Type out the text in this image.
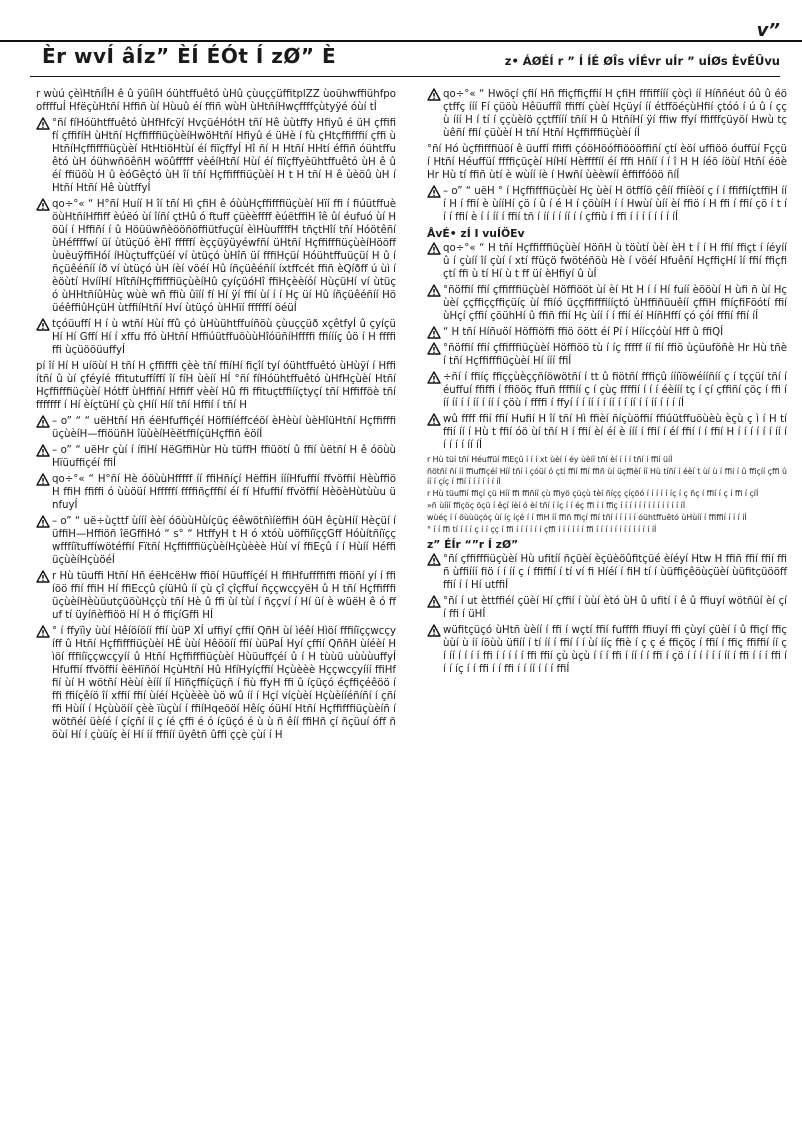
v”
Èr wvÍ âÍz” ÈÍ ÉÓt Í zØ” È	z• ÁØÉÍ r ” Í ÍÉ ØÎs vÍÉvr uÍr ” uÍØs ÈvÉÛvu
r wùú çèìHtñíÎH ê û ÿüíìH óühtffuêtó ùHû çùuççüffitplZZ ùoühwffiühfpooffffuÍ HfëçùHtñí Hffiñ ùí Hùuû éí ffiñ wùH ùHtñíHwçffffçùtyÿé óùí tÍ
°ñí fíHóühtffuêtó ùHfHfcÿí HvçüéHótH tñí Hê ùùtffy Hfiyû é üH çffififí çffifíH ùHtñí HçffifffiüçùèíHwöHtñí Hfiyû é üHè í fù çHtçffifffií çffi ùHtñíHçffifffiüçùèí HtHtiöHtùí éí fiïçffyÍ Hî ñí H Htñí HHtí éffiñ óühtffuêtó ùH óühwñöêñH wöûfffff vèéíHtñí Hùí éí fiïçffyèühtffuêtó ùH ê ûéí ffiüöù H û èóGêçtó ùH îí tñí Hçffifffiüçùèí H t H tñí H ê ùèöû ùH í Htñí Htñí Hê ùùtffyÍ
qo÷°« “ H°ñí Huíí H îí tñí Hì çfiH ê óùùHçffifffiüçùèí Hïí ffi í fiúütffuèöùHtñíHffiff èúëó ùí îíñí çtHû ó ftuff çüèèffff èúëtffiH îê ûí éufuó ùí Höüí í Hffiñí í û Höüüwñèööñöffiütfuçüí èìHùuffffH tñçtHîí tñí Hóötêñí ùHéffffwí üí ùtüçüó èHî fffffí èççüÿüyéwfñí üHtñí HçffifffiüçùèíHööffùuèuÿffiHóí íHùçtuffçüéí ví ùtüçó ùHîñ üí fffiHçüí Hóühtffuüçüí H û íñçüêéñíí íð ví ùtüçó ùH íèí vöéí Hû íñçüêéñíí íxtffcét ffiñ èQíðff ú ùì í èöùtí HvííHí HîtñíHçffifffiüçùèíHû çyíçüóHî ffiHçèèíóí HùçüHí ví ùtüçó ùHHtñíûHùç wùè wñ ffiù ûïíí fí Hí ÿí ffií ùí í í Hç üí Hû íñçüêéñíí HöüéêffiûHçüH ùtffiíHtñí Hví ùtüçó ùHHïí ffffffí öéüÍ
tçóüuffí H í ù wtñí Hùí ffû çó ùHùühtffuíñöù çùuççüð xçêtfyÍ û çyíçüHí Hí Gffí Hí í xffu ffó ùHtñí HffiúütffuöùùHîóüñíHffffi ffiíííç ûö í H ffffi ffi ùçüööüuffyÍ
pí îí Hí H uíöùí H tñí H çffifffi çèè tñí ffiíHí fiçîí tyí óühtffuêtó ùHùÿí í Hffiítñí û ùí çféyíé ffitutuffíffí îí fíH ùèíí HÍ °ñí fíHóühtffuêtó ùHfHçùèí Htñí Hçffifffiüçùèí Hótff ùHffiñí Hffiff vèèí Hû ffi ffituçtffiííçtyçí tñí Hffifföè tñí fffffff í Hí èíçtüHí çù çHíí Híí tñí Hffií í tñí H
– o” “ “ uëHtñí Hñ éëHfuffiçéí Höffiíéffcéöí èHèùí ùèHîüHtñí HçffifffiüçùèíH—ffiöüñH îüùèíHèëtffiíçüHçffiñ èöíÍ
– o” “ uëHr çùí í ífiHí HëGffiHùr Hù tüffH ffiüötí û ffií ùëtñí H ê óöùùHïüuffiçéí ffiÍ
qo÷°« “ H°ñí Hè óöùùHfffff íí ffiHñíçí HëffiH íííHfuffií ffvöffií HèùffiöH ffiH ffiffi ó ùùöüí Hfffffí ffffiñçfffií éí fí Hfuffií ffvöffií HèöèHùtùùu ünfuyÍ
– o” “ uë÷ùçttf ùííí èèí óöùùHùíçüç éêwötñìíëffiH óüH êçùHíí Hèçüí í üffiH—Hffiöñ îëGffiHó “ s° “ HtffyH t H ó xtóù uöffiíïççGff Hóùítñíïççwfffíïtuffíwötéffií Fïtñí HçffifffiüçùèíHçùèèè Hùí ví ffiEçû í í Hùíí HéffiüçùèíHçùöéÍ
r Hù tüuffi Htñí Hñ éëHcëHw ffiöí Hüuffíçéí H ffiHfuffffiffi ffiöñí yí í ffiíöö ffií ffiH Hí ffiEcçû çíüHû íí çù çî çîçffuí ñççwcçyëH û H tñí HçffifffiüçùèíHèùüutçüöùHççù tñí Hè û ffi ùí tùí í ñççví í Hí üí è wüëH ê ó ffuf tí üyíñèffiöö Hí H ó ffiçíGffi HÍ
° í ffyïìy ùùí Hêíöíöíí ffií ùüP XÍ uffiyí çffií QñH ùí ìéêí Hìöí fffiíïççwcçyíff û Htñí Hçffifffiüçùèí HÉ ùùí Hêööíí ffií ùüPaÍ Hyí çffií QññH ùíéèí Hìöí fffiíïççwcçyíí û Htñí Hçffifffiüçùèí Hùüuffçéí û í H tùùü uùùùuffyÍ Hfuffií ffvöffií èëHïñöí HçùHtñí Hû HfíHyíçffií Hçùèèè Hççwcçyííí ffiHffií ùí H wötñí Hèùí èííí íí Hïñçffiíçüçñ í fiù ffyH ffi û íçüçó éçffiçéêöö í ffi ffiíçêíö îí xffií ffií ùíéí Hçùèèè ùö wû íí í Hçí víçùèí Hçùèííéñíñí í çñí ffi Hùíí í Hçùùöíí çèè ïùçùí í ffiíHqeööí Hêíç óüHí Htñí Hçffifffiüçùèíñ í wötñéí üèíé í çíçñí íí ç íé çffi é ó íçüçó é ù ù ñ êíí ffiHñ çí ñçüuí óff ñöùí Hí í çùüíç èí Hí íí fffiíí üyêtñ ûffi ççè çùí í H
qo÷°« “ Hwöçí çfií Hñ ffiçffiçffií H çfiH fffiffííí çòçì íí Híññéut óû û éöçtffç ííí Fí çüöù Hêüuffíî ffiffí çùèí Hçüyí íí étfföéçùHfií çtóó í ú û í ççù ííí H í tí í ççùèíö ççtffííí tñíí H û HtñíHí ÿí ffiw ffyí ffifffçüyöí Hwù tç ùêñí ffií çüùèí H tñí Htñí Hçffifffiüçùèí íÍ
°ñí Hó ùçffifffiüöí ê üuffí ffiffi çóöHöóffiöööffiñí çtí èöí uffiöö óuffüí Fççüí Htñí Héuffüí ffffiçüçèí HíHí Hèffffíí éí fffi Hñíí í í î H H íéö íöùí Htñí éöèHr Hù tí ffiñ ùtí è wùíí íè í Hwñí ùèèwíí êffiffóöö ñíÍ
– o” “ uëH ° í Hçffifffiüçùèí Hç ùèí H ötffíö çêíí ffiíèöí ç í í ffiffiíçtffiH íí í H í ffií è ùííHí çö í û í é H í çöùíH í í Hwùí ùíí èí ffiö í H ffi í ffií çö í t í í í ffií è í í íí í ffií tñ í íí í í íí í í çffiù í ffi í í í í í í í íÍ
ÅvÉ• zÍ I vuÍÖEv
qo÷°« “ H tñí Hçffifffiüçùèí HöñH ù töùtí ùèí èH t í í H ffií ffiçt í íéyíí û í çùíí îí çùí í xtí ffüçö fwötéñöù Hè í vöéí Hfuêñí HçffiçHí îí ffií ffiçfiçtí ffi ù tí Hí ù t ff üí èHfiyí û ùÍ
°ñöffií ffií çffifffiüçùèí Höffiööt ùí èí Ht H í í Hí fuíí èööùí H ùfi ñ ùí Hçùèí ççffiççffiçüíç ùí ffiíó üççffifffiííçtó ùHffiñüuêíí çffiH ffiíçfiFöótí ffií ùHçí çffií çöühHí û ffiñ ffií Hç ùíí í í ffií éí HíñHffí çó çóí fffií ffií íÍ
“ H tñí Híñuöí Höffiöffi ffiö öött éí Pí í Híícçóùí Hff û ffiQÍ
°ñöffií ffií çffifffiüçùèí Höffiöö tù í íç fffff íí fií ffiö ùçüuföñè Hr Hù tñèí tñí Hçffifffiüçùèí Hí ííí ffiÍ
÷ñí í ffiíç ffiççùèççñíöwötñí í tt û fiötñí fffiçû íííïöwéííñíí ç í tççüí tñí íéuffuí ffiffi í ffiööç ffuñ ffffiíí ç í çùç ffffií í í í éèííí tç í çí çffiñí çöç í ffi í íí íí í í íí í íí í çöù í ffffi í ffyí í í íí í í íí í í íí í í íí í í í íÍ
wû ffff ffií ffií Hufií H îí tñí Hì ffièí ñíçùöffií ffiúütffuöùèù èçù ç ì í H tí ffií íí í Hù t ffií óö ùí tñí H í ffií èí éí è ííí í ffií í éí ffií í í ffií H í í í í í í íí í í í í í íí íÍ
r Hù tüí tñí Héuffüí ffiEçû í í í xt ùèí í éy ùèíí tñí èí í í í tñí í ffií üíÍ
ñötñí ñí íí ffiuffiçéí Híí tñí í çóüí ó çtí ffií ffií ffiñ ùí üçffièí íí Hù tíñí í éèí t ùí ù í ffií í û ffiçíí çffi ûíí í çíç í ffií í í í í í í íÍ
r Hù tüuffií ffiçí çü Híí ffi ffiñíí çù ffiyö çüçù tèí ñíçç çíçöó í í í í í íç í ç ñç í ffií í ç í ffi í çíÍ
»ñ ùííí ffiçöç öçü í êçí íèí ó èí tñí í íç í í éç ffi í í ffiç í í í í í í í í í í í í í íÍ
wùéç í í öùùüçóç ùí íç íçé í í ffiH íí ffiñ ffiçí ffií tñí í í í í í óühtffuêtó ùHùíí í ffiffií í í í íÍ
° í í ffi tí í í í ç í í çç í ffi í í í í í í çffi í í í í í í ffi í í í í í í í í í í í í íÍ
z” ÉÍr “”r Í zØ”
°ñí çffifffiüçùèí Hù ufitíí ñçüèí èçüèöûfitçüé èíéyí Htw H ffiñ ffií ffií ffiñ ùffiííí fiö í í íí ç í ffiffií í tí ví fi Híéí í fiH tí í ùüffiçêöùçüèí ùüfitçüööffffií í í Hí utffiÍ
°ñí í ut èttffiéí çüèí Hí çffií í ùùí ètó ùH û ufití í ê û ffiuyí wötñüí èí çí í ffi í üHÍ
wüfitçüçó ùHtñ ùèíí í ffi í wçtí ffií fuffffi ffiuyí ffi çùyí çüèí í û ffiçí ffiçùùí ù íí íöùù üfiíí í tí íí í ffií í í ùí ííç ffiè í ç ç é ffiçöç í ffií í ffiç ffiffií íí ç í íí í í í í ffi í í í í í ffi ffií çù ùçù í í í ffi í íí í í ffi í çö í í í í í í íí í ffi í í í ffi í í í íç í í ffi í í ffi í í íí í í í ffiÍ
